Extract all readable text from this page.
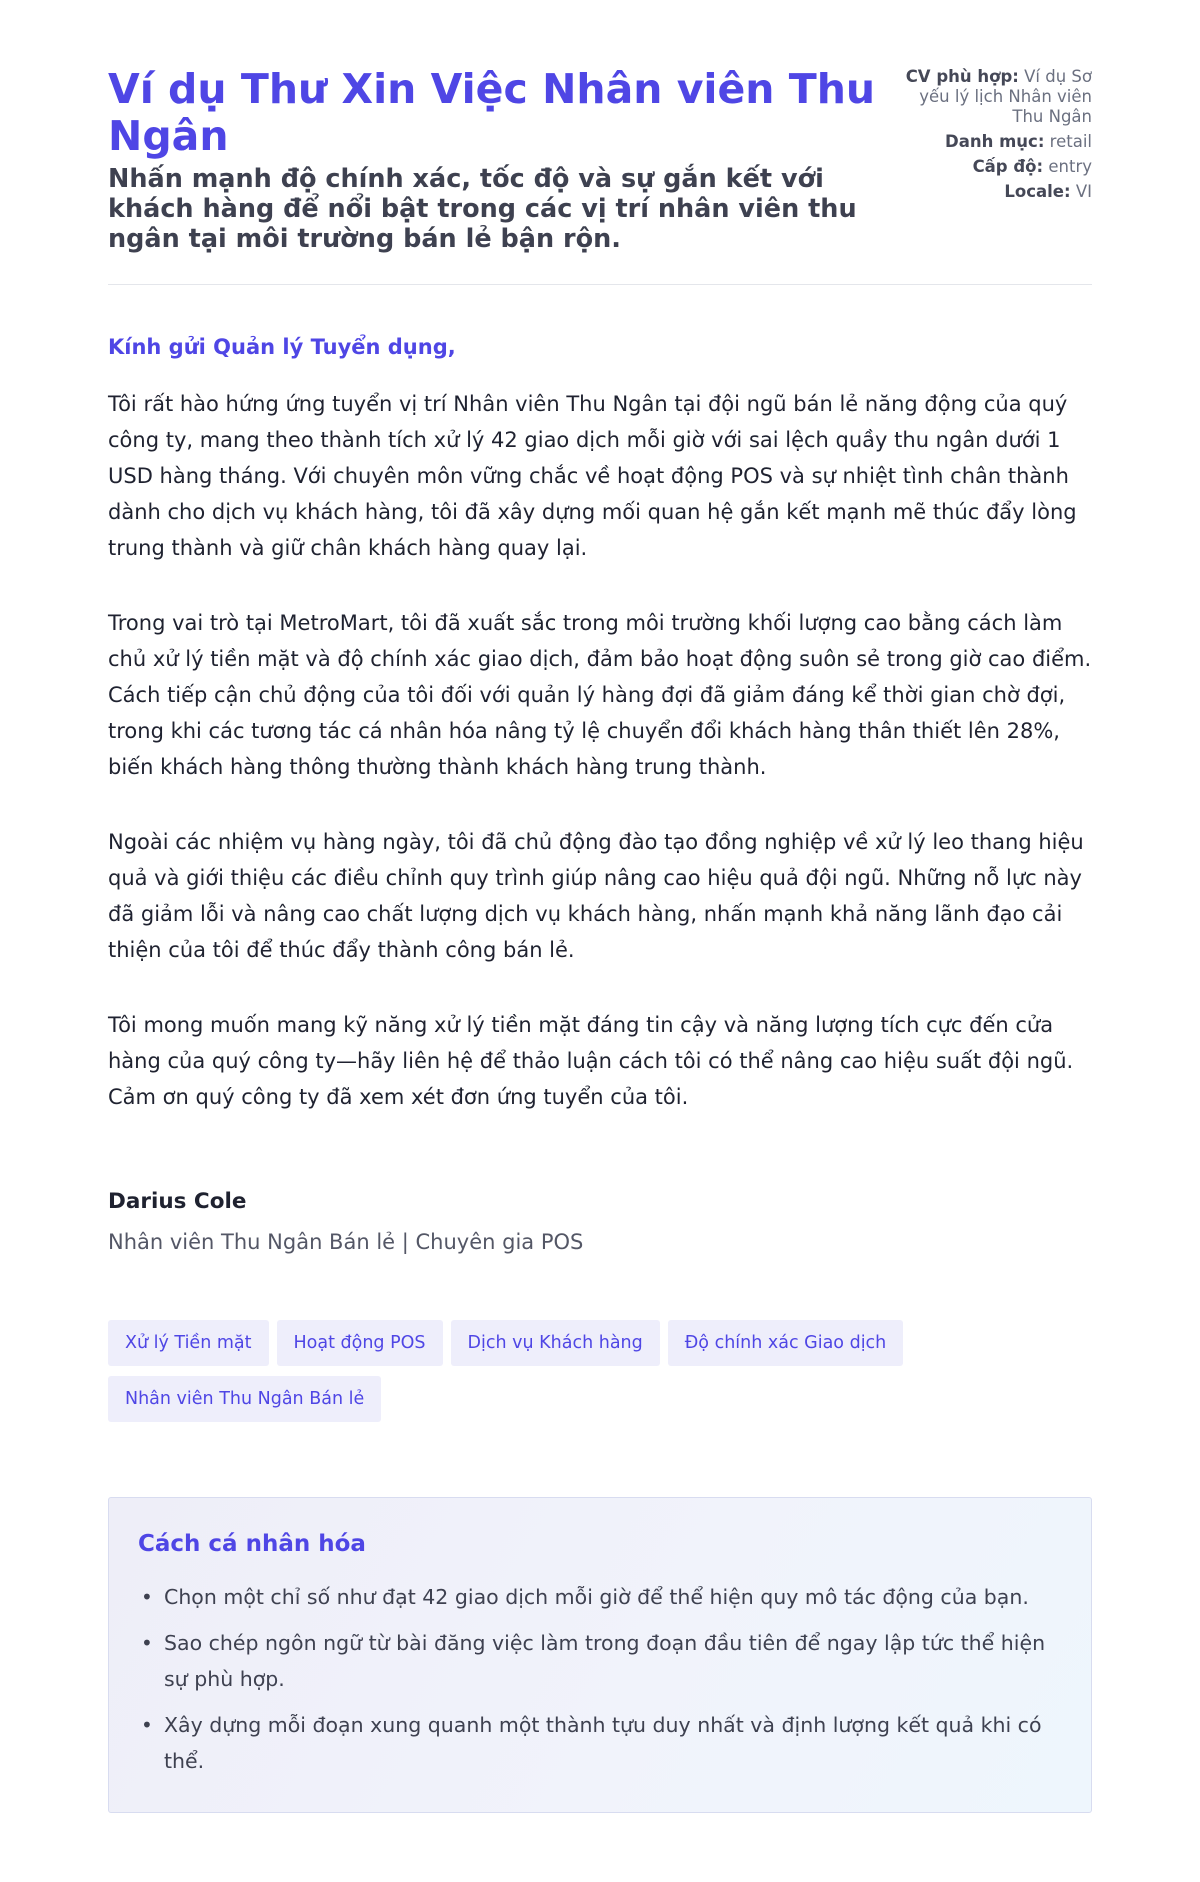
Ví dụ Thư Xin Việc Nhân viên Thu Ngân

Nhấn mạnh độ chính xác, tốc độ và sự gắn kết với khách hàng để nổi bật trong các vị trí nhân viên thu ngân tại môi trường bán lẻ bận rộn.

CV phù hợp: Ví dụ Sơ yếu lý lịch Nhân viên Thu Ngân
Danh mục: retail
Cấp độ: entry
Locale: VI

Kính gửi Quản lý Tuyển dụng,

Tôi rất hào hứng ứng tuyển vị trí Nhân viên Thu Ngân tại đội ngũ bán lẻ năng động của quý công ty, mang theo thành tích xử lý 42 giao dịch mỗi giờ với sai lệch quầy thu ngân dưới 1 USD hàng tháng. Với chuyên môn vững chắc về hoạt động POS và sự nhiệt tình chân thành dành cho dịch vụ khách hàng, tôi đã xây dựng mối quan hệ gắn kết mạnh mẽ thúc đẩy lòng trung thành và giữ chân khách hàng quay lại.

Trong vai trò tại MetroMart, tôi đã xuất sắc trong môi trường khối lượng cao bằng cách làm chủ xử lý tiền mặt và độ chính xác giao dịch, đảm bảo hoạt động suôn sẻ trong giờ cao điểm. Cách tiếp cận chủ động của tôi đối với quản lý hàng đợi đã giảm đáng kể thời gian chờ đợi, trong khi các tương tác cá nhân hóa nâng tỷ lệ chuyển đổi khách hàng thân thiết lên 28%, biến khách hàng thông thường thành khách hàng trung thành.

Ngoài các nhiệm vụ hàng ngày, tôi đã chủ động đào tạo đồng nghiệp về xử lý leo thang hiệu quả và giới thiệu các điều chỉnh quy trình giúp nâng cao hiệu quả đội ngũ. Những nỗ lực này đã giảm lỗi và nâng cao chất lượng dịch vụ khách hàng, nhấn mạnh khả năng lãnh đạo cải thiện của tôi để thúc đẩy thành công bán lẻ.

Tôi mong muốn mang kỹ năng xử lý tiền mặt đáng tin cậy và năng lượng tích cực đến cửa hàng của quý công ty—hãy liên hệ để thảo luận cách tôi có thể nâng cao hiệu suất đội ngũ. Cảm ơn quý công ty đã xem xét đơn ứng tuyển của tôi.

Darius Cole
Nhân viên Thu Ngân Bán lẻ | Chuyên gia POS
Xử lý Tiền mặt Hoạt động POS Dịch vụ Khách hàng Độ chính xác Giao dịch
Nhân viên Thu Ngân Bán lẻ
Cách cá nhân hóa
• Chọn một chỉ số như đạt 42 giao dịch mỗi giờ để thể hiện quy mô tác động của bạn.
• Sao chép ngôn ngữ từ bài đăng việc làm trong đoạn đầu tiên để ngay lập tức thể hiện sự phù hợp.
• Xây dựng mỗi đoạn xung quanh một thành tựu duy nhất và định lượng kết quả khi có thể.
